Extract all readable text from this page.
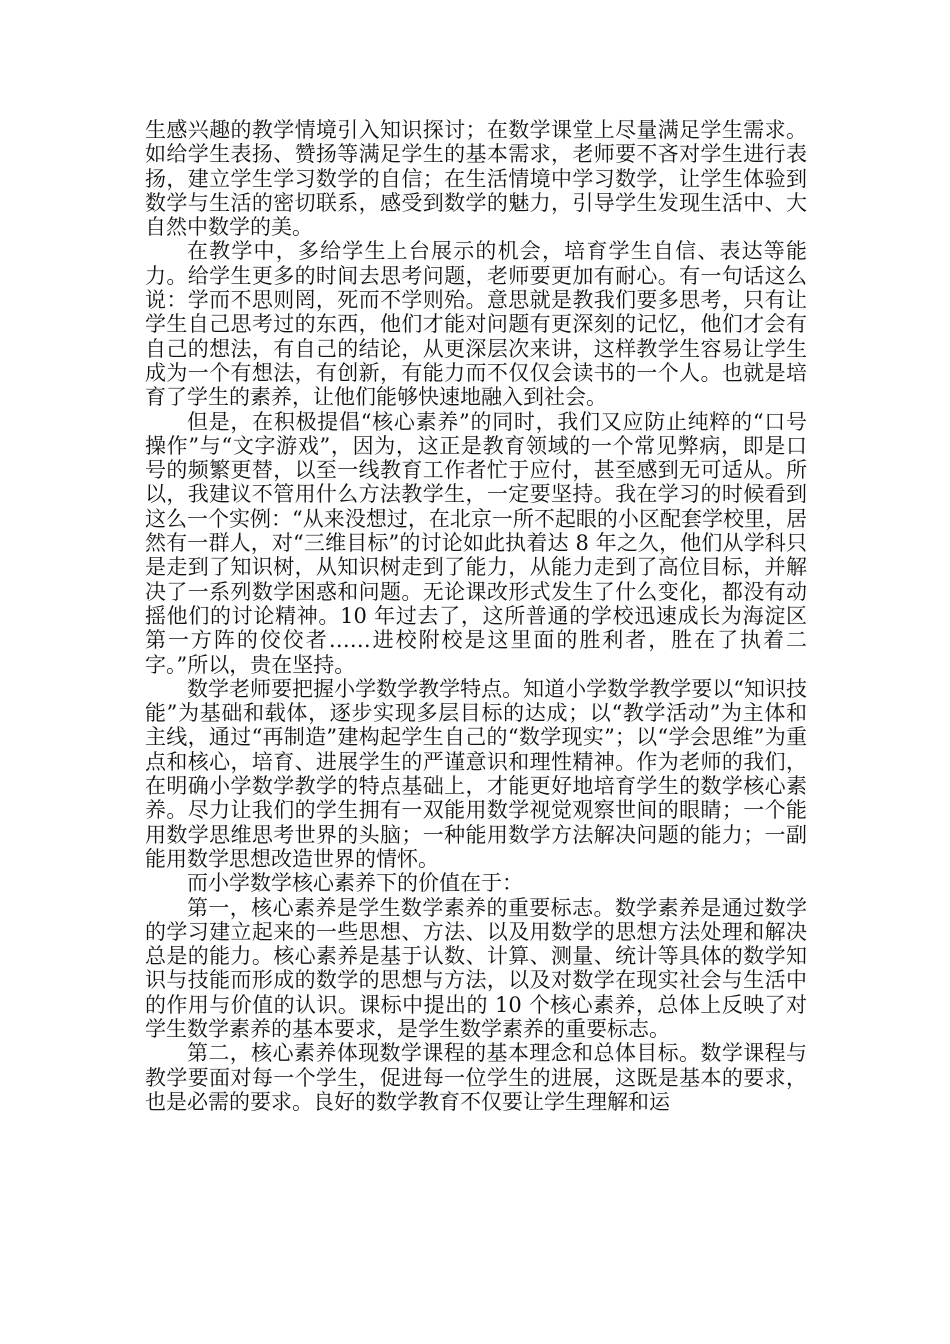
生感兴趣的教学情境引入知识探讨；在数学课堂上尽量满足学生需求。如给学生表扬、赞扬等满足学生的基本需求，老师要不吝对学生进行表扬，建立学生学习数学的自信；在生活情境中学习数学，让学生体验到数学与生活的密切联系，感受到数学的魅力，引导学生发现生活中、大自然中数学的美。

在教学中，多给学生上台展示的机会，培育学生自信、表达等能力。给学生更多的时间去思考问题，老师要更加有耐心。有一句话这么说：学而不思则罔，死而不学则殆。意思就是教我们要多思考，只有让学生自己思考过的东西，他们才能对问题有更深刻的记忆，他们才会有自己的想法，有自己的结论，从更深层次来讲，这样教学生容易让学生成为一个有想法，有创新，有能力而不仅仅会读书的一个人。也就是培育了学生的素养，让他们能够快速地融入到社会。

但是，在积极提倡“核心素养”的同时，我们又应防止纯粹的“口号操作”与“文字游戏”，因为，这正是教育领域的一个常见弊病，即是口号的频繁更替，以至一线教育工作者忙于应付，甚至感到无可适从。所以，我建议不管用什么方法教学生，一定要坚持。我在学习的时候看到这么一个实例：“从来没想过，在北京一所不起眼的小区配套学校里，居然有一群人，对“三维目标”的讨论如此执着达 8 年之久，他们从学科只是走到了知识树，从知识树走到了能力，从能力走到了高位目标，并解决了一系列数学困惑和问题。无论课改形式发生了什么变化，都没有动摇他们的讨论精神。10 年过去了，这所普通的学校迅速成长为海淀区第一方阵的佼佼者……进校附校是这里面的胜利者，胜在了执着二字。”所以，贵在坚持。

数学老师要把握小学数学教学特点。知道小学数学教学要以“知识技能”为基础和载体，逐步实现多层目标的达成；以“教学活动”为主体和主线，通过“再制造”建构起学生自己的“数学现实”；以“学会思维”为重点和核心，培育、进展学生的严谨意识和理性精神。作为老师的我们，在明确小学数学教学的特点基础上，才能更好地培育学生的数学核心素养。尽力让我们的学生拥有一双能用数学视觉观察世间的眼睛；一个能用数学思维思考世界的头脑；一种能用数学方法解决问题的能力；一副能用数学思想改造世界的情怀。

而小学数学核心素养下的价值在于：

第一，核心素养是学生数学素养的重要标志。数学素养是通过数学的学习建立起来的一些思想、方法、以及用数学的思想方法处理和解决总是的能力。核心素养是基于认数、计算、测量、统计等具体的数学知识与技能而形成的数学的思想与方法，以及对数学在现实社会与生活中的作用与价值的认识。课标中提出的 10 个核心素养，总体上反映了对学生数学素养的基本要求，是学生数学素养的重要标志。

第二，核心素养体现数学课程的基本理念和总体目标。数学课程与教学要面对每一个学生，促进每一位学生的进展，这既是基本的要求，也是必需的要求。良好的数学教育不仅要让学生理解和运
